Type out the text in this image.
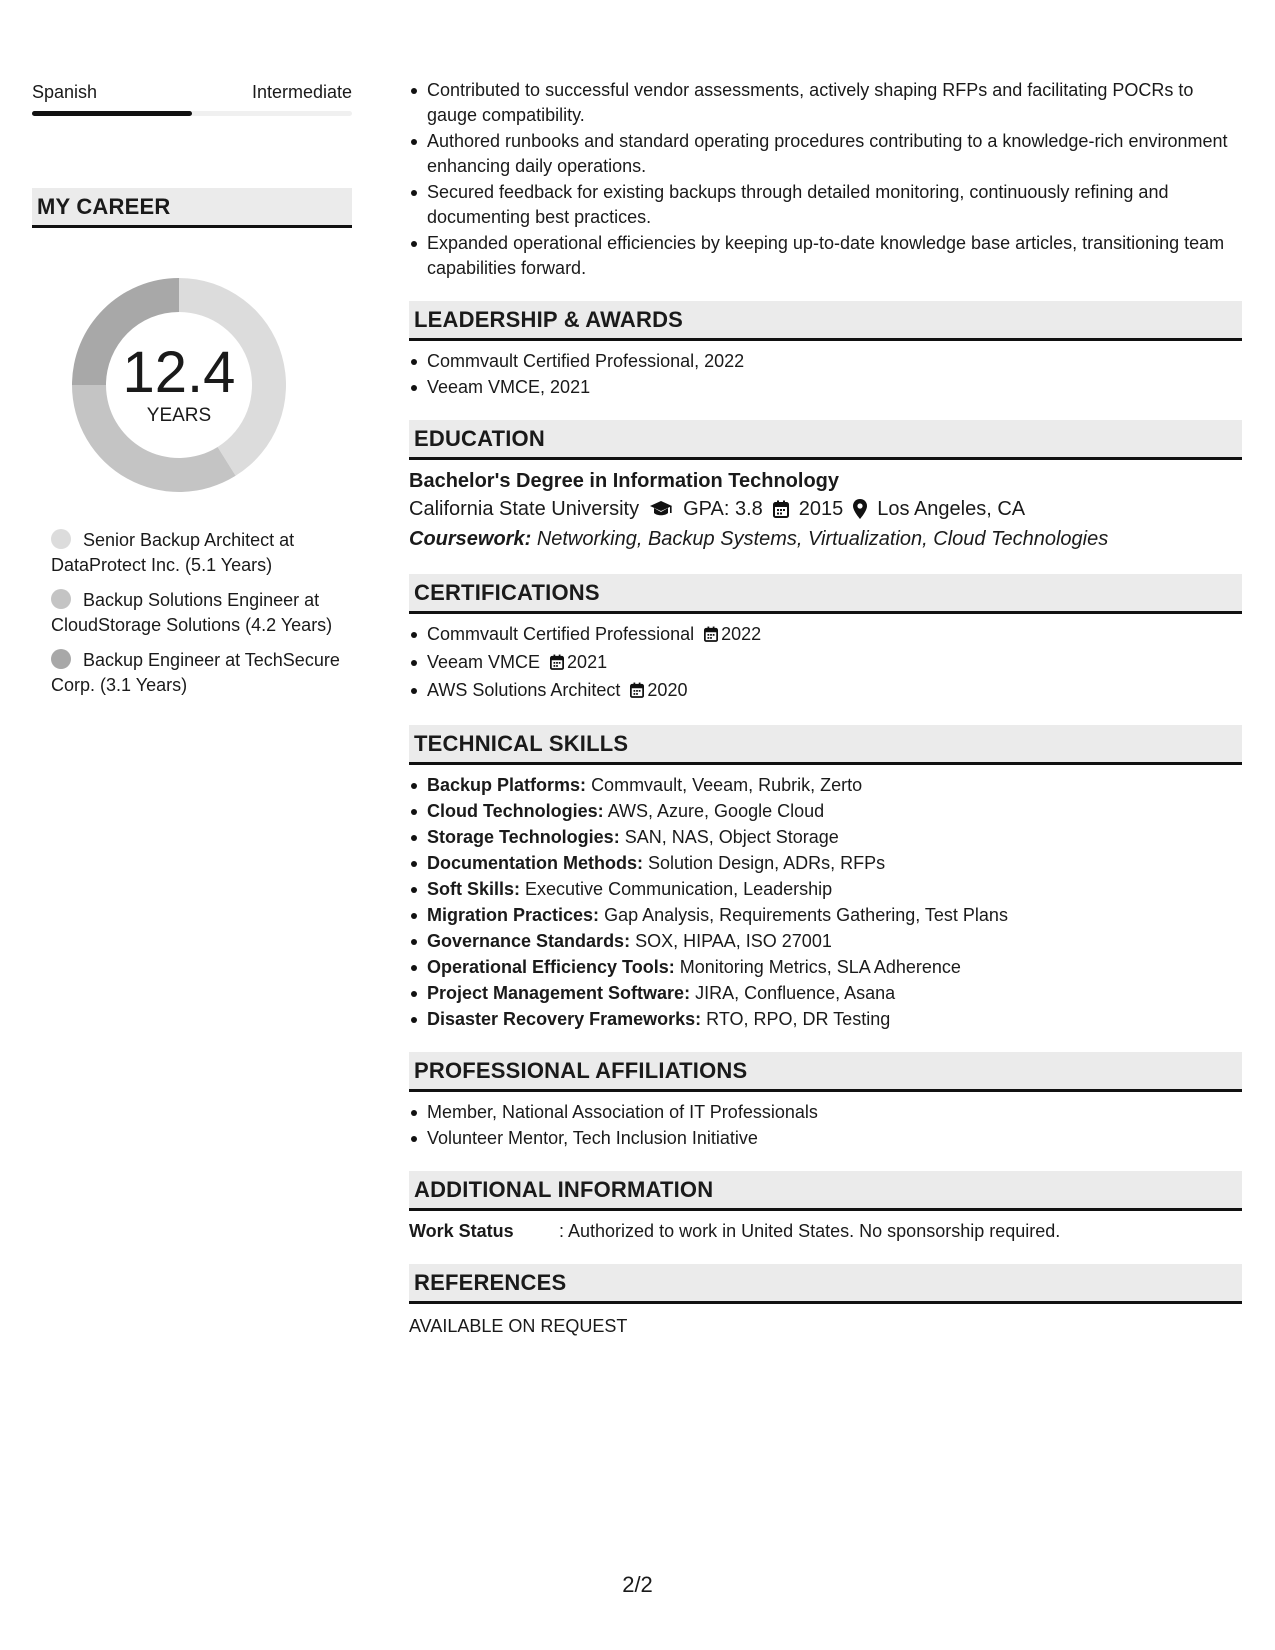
Spanish	Intermediate
MY CAREER
12.4
YEARS
Senior Backup Architect at DataProtect Inc. (5.1 Years)
Backup Solutions Engineer at CloudStorage Solutions (4.2 Years)
Backup Engineer at TechSecure Corp. (3.1 Years)
Contributed to successful vendor assessments, actively shaping RFPs and facilitating POCRs to gauge compatibility.
Authored runbooks and standard operating procedures contributing to a knowledge-rich environment enhancing daily operations.
Secured feedback for existing backups through detailed monitoring, continuously refining and documenting best practices.
Expanded operational efficiencies by keeping up-to-date knowledge base articles, transitioning team capabilities forward.
LEADERSHIP & AWARDS
Commvault Certified Professional, 2022
Veeam VMCE, 2021
EDUCATION
Bachelor's Degree in Information Technology
California State University GPA: 3.8 2015 Los Angeles, CA
Coursework: Networking, Backup Systems, Virtualization, Cloud Technologies
CERTIFICATIONS
Commvault Certified Professional 2022
Veeam VMCE 2021
AWS Solutions Architect 2020
TECHNICAL SKILLS
Backup Platforms: Commvault, Veeam, Rubrik, Zerto
Cloud Technologies: AWS, Azure, Google Cloud
Storage Technologies: SAN, NAS, Object Storage
Documentation Methods: Solution Design, ADRs, RFPs
Soft Skills: Executive Communication, Leadership
Migration Practices: Gap Analysis, Requirements Gathering, Test Plans
Governance Standards: SOX, HIPAA, ISO 27001
Operational Efficiency Tools: Monitoring Metrics, SLA Adherence
Project Management Software: JIRA, Confluence, Asana
Disaster Recovery Frameworks: RTO, RPO, DR Testing
PROFESSIONAL AFFILIATIONS
Member, National Association of IT Professionals
Volunteer Mentor, Tech Inclusion Initiative
ADDITIONAL INFORMATION
Work Status	: Authorized to work in United States. No sponsorship required.
REFERENCES
AVAILABLE ON REQUEST
2/2
